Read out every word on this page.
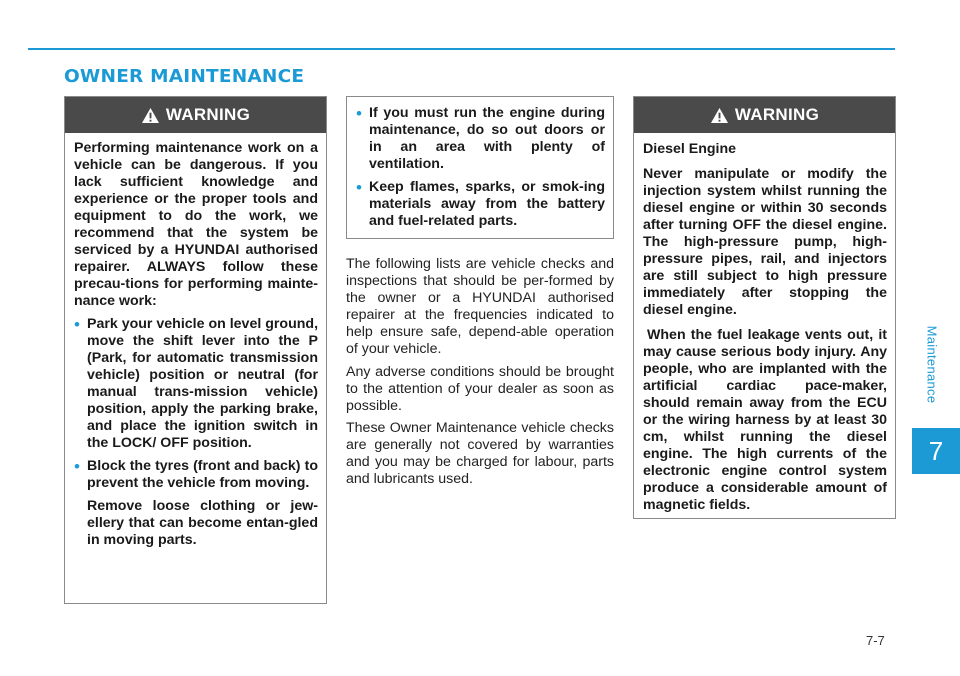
OWNER MAINTENANCE
WARNING

Performing maintenance work on a vehicle can be dangerous. If you lack sufficient knowledge and experience or the proper tools and equipment to do the work, we recommend that the system be serviced by a HYUNDAI authorised repairer. ALWAYS follow these precau-tions for performing mainte-nance work:

• Park your vehicle on level ground, move the shift lever into the P (Park, for automatic transmission vehicle) position or neutral (for manual trans-mission vehicle) position, apply the parking brake, and place the ignition switch in the LOCK/ OFF position.

• Block the tyres (front and back) to prevent the vehicle from moving.

Remove loose clothing or jew-ellery that can become entan-gled in moving parts.

• If you must run the engine during maintenance, do so out doors or in an area with plenty of ventilation.

• Keep flames, sparks, or smok-ing materials away from the battery and fuel-related parts.

The following lists are vehicle checks and inspections that should be per-formed by the owner or a HYUNDAI authorised repairer at the frequencies indicated to help ensure safe, depend-able operation of your vehicle.

Any adverse conditions should be brought to the attention of your dealer as soon as possible.

These Owner Maintenance vehicle checks are generally not covered by warranties and you may be charged for labour, parts and lubricants used.

WARNING

Diesel Engine

Never manipulate or modify the injection system whilst running the diesel engine or within 30 seconds after turning OFF the diesel engine. The high-pressure pump, high-pressure pipes, rail, and injectors are still subject to high pressure immediately after stopping the diesel engine.

When the fuel leakage vents out, it may cause serious body injury. Any people, who are implanted with the artificial cardiac pace-maker, should remain away from the ECU or the wiring harness by at least 30 cm, whilst running the diesel engine. The high currents of the electronic engine control system produce a considerable amount of magnetic fields.

Maintenance
7
7-7
